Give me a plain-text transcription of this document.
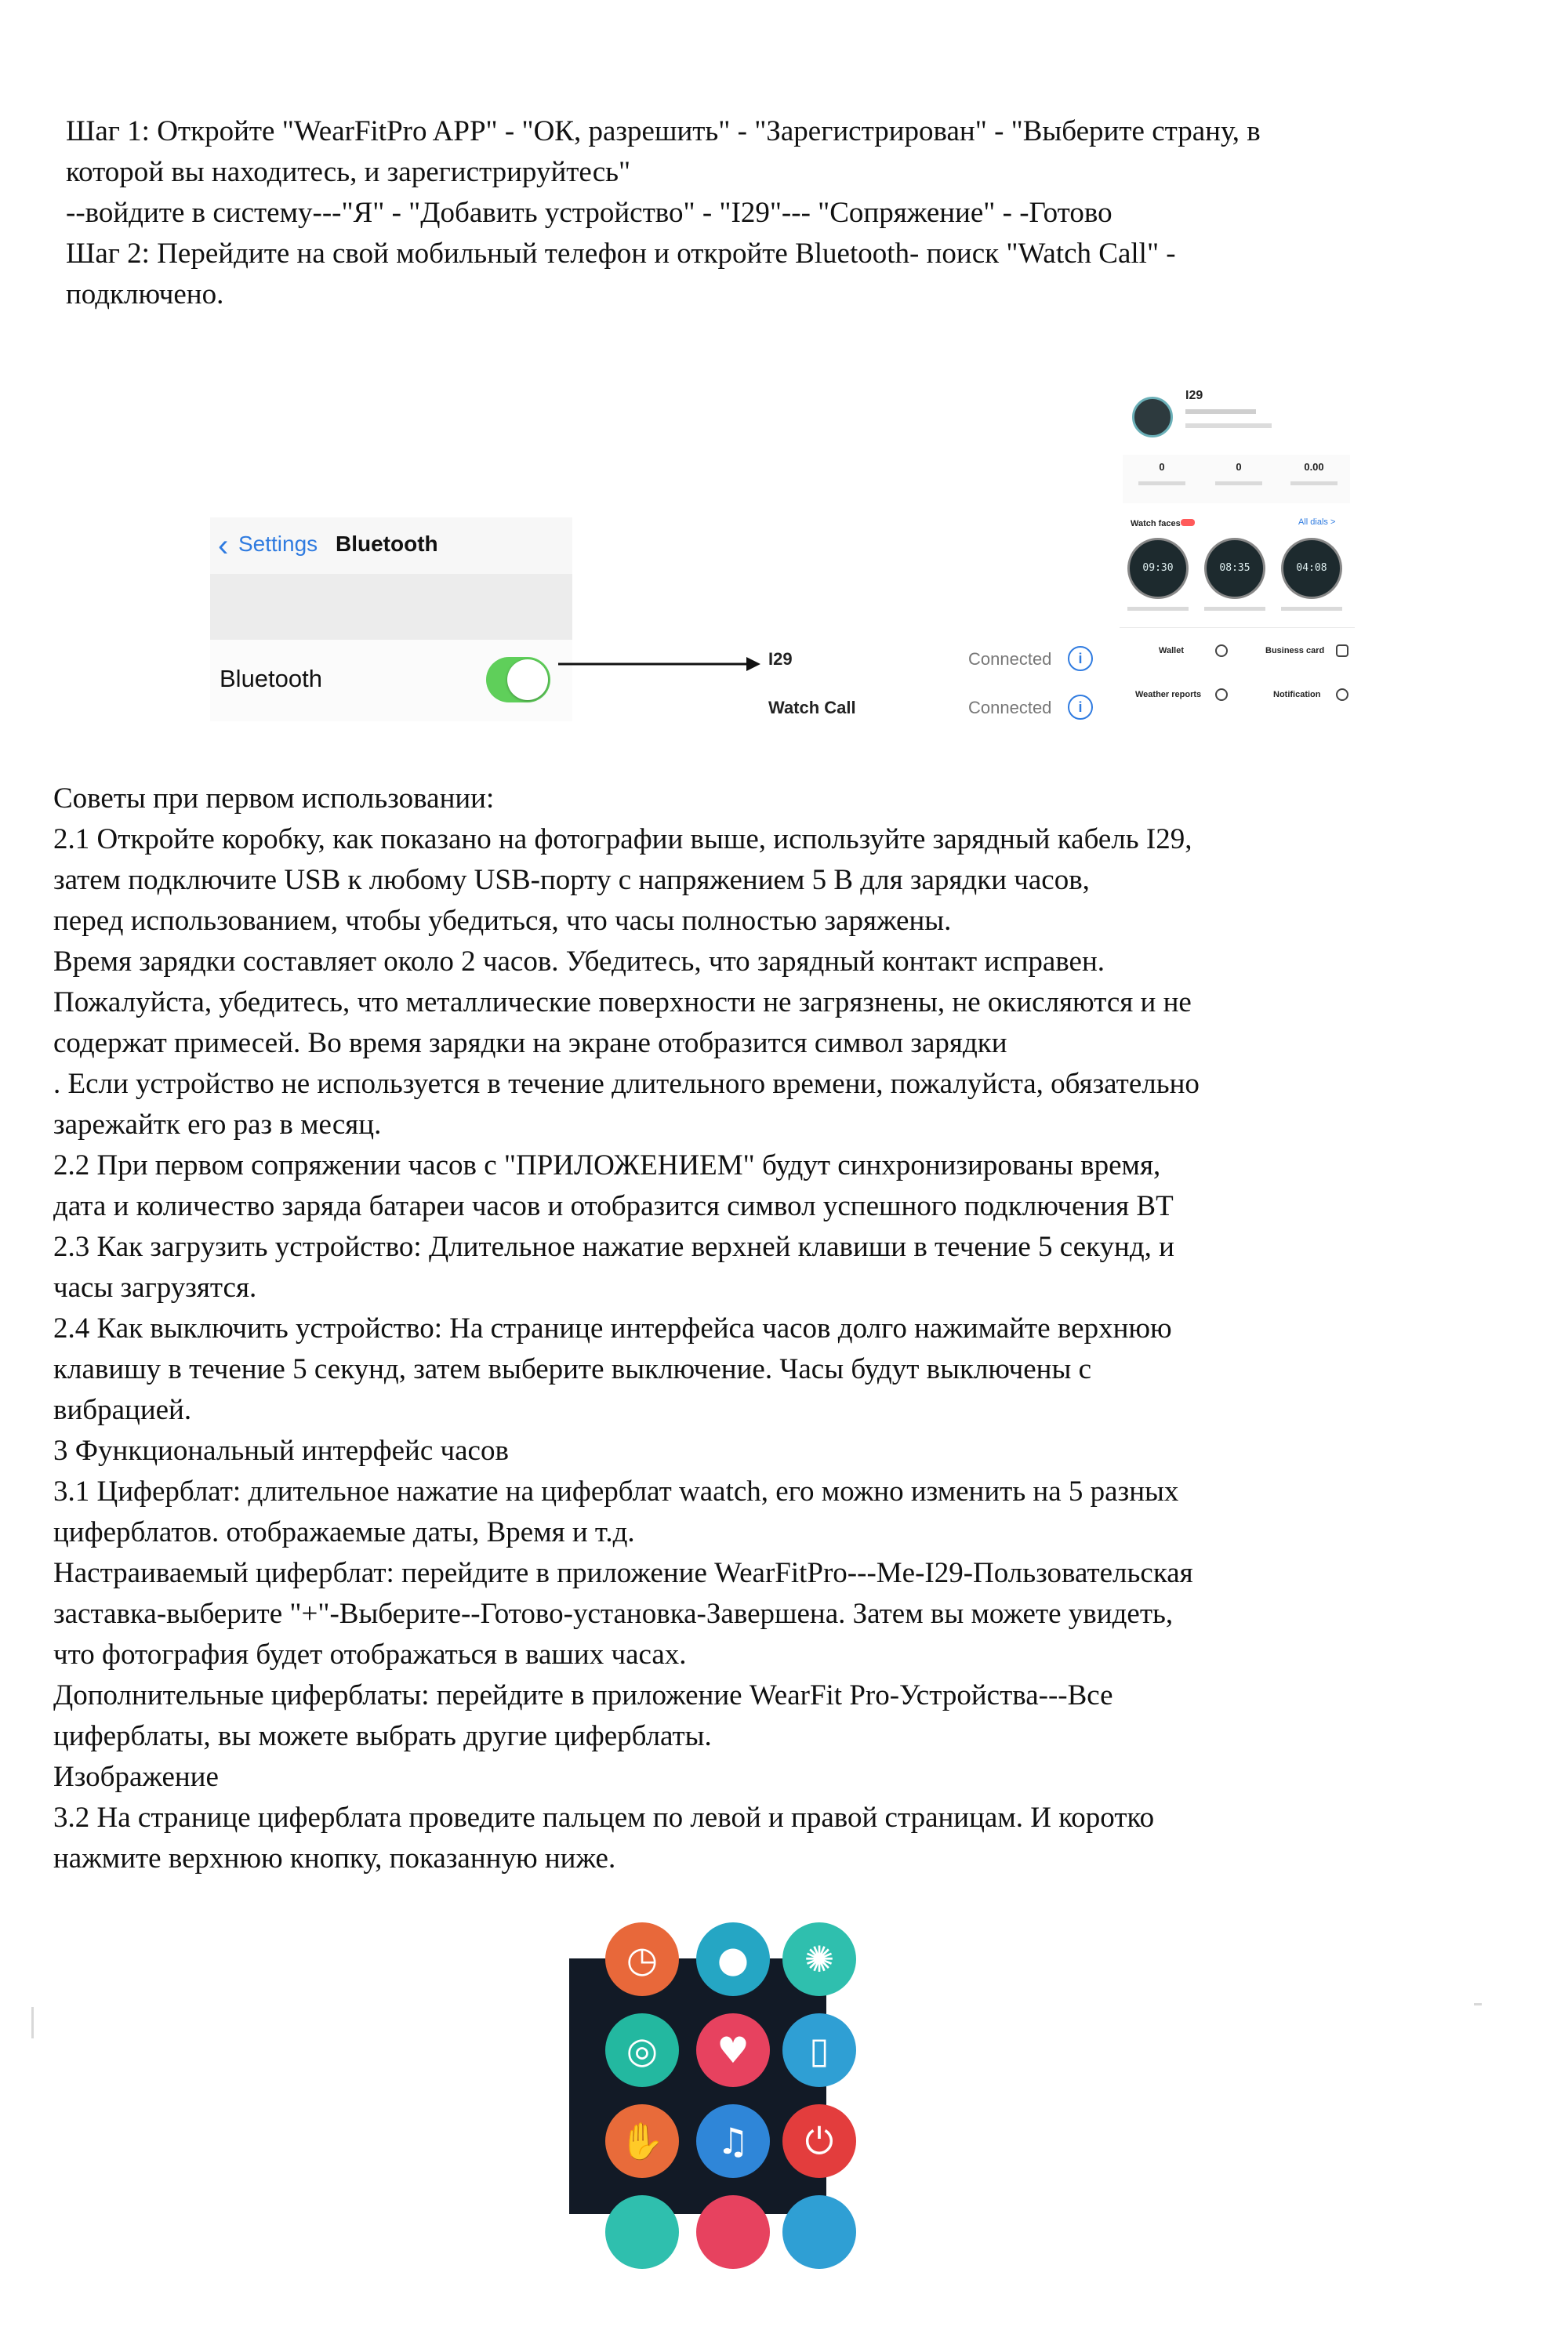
Шаг 1: Откройте "WearFitPro APP" - "ОК, разрешить" - "Зарегистрирован" - "Выберите страну, в
которой вы находитесь, и зарегистрируйтесь"

--войдите в систему---"Я" - "Добавить устройство" - "I29"--- "Сопряжение" - -Готово

Шаг 2: Перейдите на свой мобильный телефон и откройте Bluetooth- поиск "Watch Call" -
подключено.

‹ Settings Bluetooth
Bluetooth
I29	Connected	i
Watch Call	Connected	i
I29
0	0	0.00
Watch faces	All dials >
09:30	08:35	04:08
Wallet	Business card
Weather reports	Notification

Советы при первом использовании:

2.1 Откройте коробку, как показано на фотографии выше, используйте зарядный кабель I29,
затем подключите USB к любому USB-порту с напряжением 5 В для зарядки часов,
перед использованием, чтобы убедиться, что часы полностью заряжены.

Время зарядки составляет около 2 часов. Убедитесь, что зарядный контакт исправен.
Пожалуйста, убедитесь, что металлические поверхности не загрязнены, не окисляются и не
содержат примесей. Во время зарядки на экране отобразится символ зарядки

. Если устройство не используется в течение длительного времени, пожалуйста, обязательно
зарежайтк его раз в месяц.

2.2 При первом сопряжении часов с "ПРИЛОЖЕНИЕМ" будут синхронизированы время,
дата и количество заряда батареи часов и отобразится символ успешного подключения BT

2.3 Как загрузить устройство: Длительное нажатие верхней клавиши в течение 5 секунд, и
часы загрузятся.

2.4 Как выключить устройство: На странице интерфейса часов долго нажимайте верхнюю
клавишу в течение 5 секунд, затем выберите выключение. Часы будут выключены с
вибрацией.

3 Функциональный интерфейс часов

3.1 Циферблат: длительное нажатие на циферблат waatch, его можно изменить на 5 разных
циферблатов. отображаемые даты, Время и т.д.

Настраиваемый циферблат: перейдите в приложение WearFitPro---Me-I29-Пользовательская
заставка-выберите "+"-Выберите--Готово-установка-Завершена. Затем вы можете увидеть,
что фотография будет отображаться в ваших часах.

Дополнительные циферблаты: перейдите в приложение WearFit Pro-Устройства---Все
циферблаты, вы можете выбрать другие циферблаты.

Изображение

3.2 На странице циферблата проведите пальцем по левой и правой страницам. И коротко
нажмите верхнюю кнопку, показанную ниже.

◷	●	✺
◎	♥	▯
✋	♫	⏻
